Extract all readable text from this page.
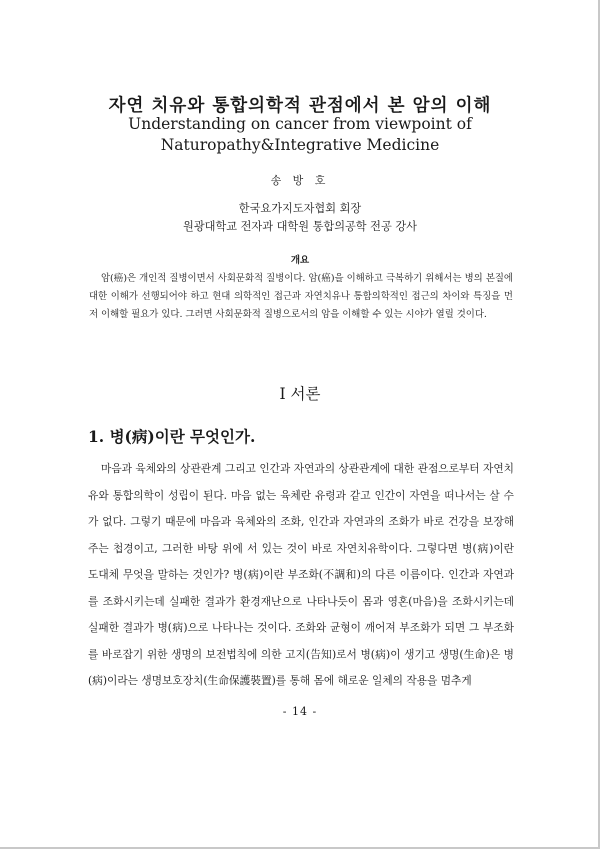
자연 치유와 통합의학적 관점에서 본 암의 이해
Understanding on cancer from viewpoint of
Naturopathy&Integrative Medicine
송 방 호
한국요가지도자협회 회장
원광대학교 전자과 대학원 통합의공학 전공 강사
개요

암(癌)은 개인적 질병이면서 사회문화적 질병이다. 암(癌)을 이해하고 극복하기 위해서는 병의 본질에 대한 이해가 선행되어야 하고 현대 의학적인 접근과 자연치유나 통합의학적인 접근의 차이와 특징을 먼저 이해할 필요가 있다. 그러면 사회문화적 질병으로서의 암을 이해할 수 있는 시야가 열릴 것이다.

I 서론
1. 병(病)이란 무엇인가.

마음과 육체와의 상관관계 그리고 인간과 자연과의 상관관계에 대한 관점으로부터 자연치유와 통합의학이 성립이 된다. 마음 없는 육체란 유령과 같고 인간이 자연을 떠나서는 살 수가 없다. 그렇기 때문에 마음과 육체와의 조화, 인간과 자연과의 조화가 바로 건강을 보장해 주는 첩경이고, 그러한 바탕 위에 서 있는 것이 바로 자연치유학이다. 그렇다면 병(病)이란 도대체 무엇을 말하는 것인가? 병(病)이란 부조화(不調和)의 다른 이름이다. 인간과 자연과를 조화시키는데 실패한 결과가 환경재난으로 나타나듯이 몸과 영혼(마음)을 조화시키는데 실패한 결과가 병(病)으로 나타나는 것이다. 조화와 균형이 깨어져 부조화가 되면 그 부조화를 바로잡기 위한 생명의 보전법칙에 의한 고지(告知)로서 병(病)이 생기고 생명(生命)은 병(病)이라는 생명보호장치(生命保護裝置)를 통해 몸에 해로운 일체의 작용을 멈추게

- 14 -
